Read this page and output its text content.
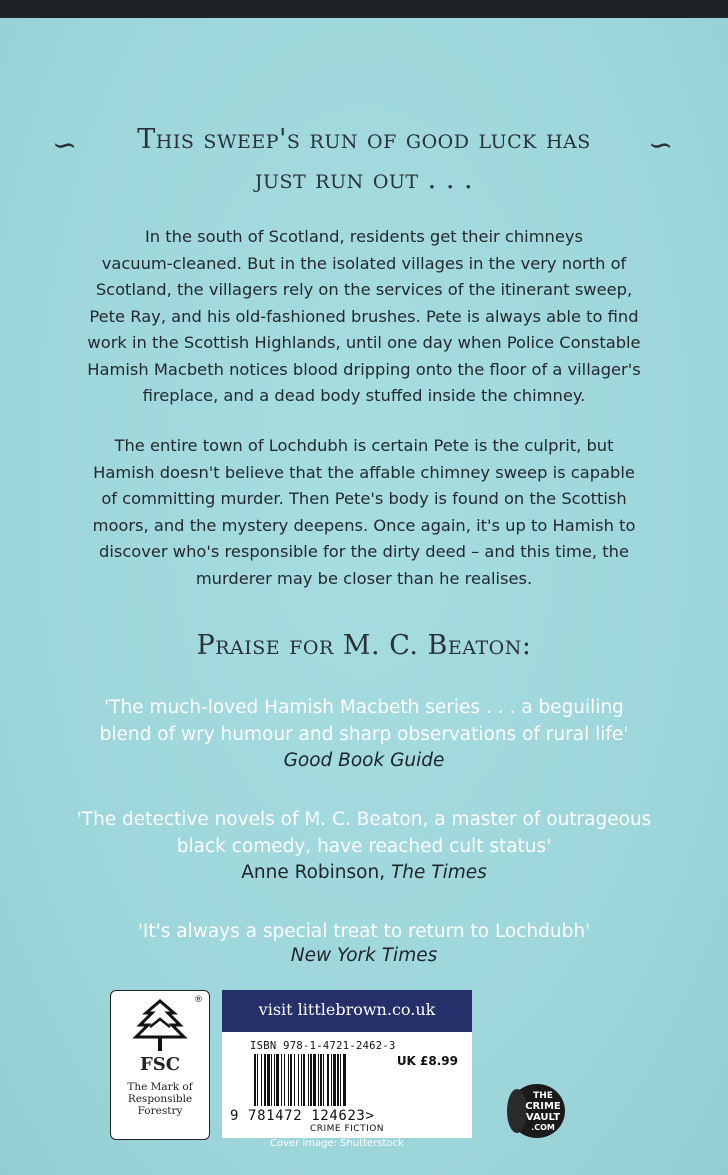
∽	∽
This sweep's run of good luck has
just run out . . .
In the south of Scotland, residents get their chimneys
vacuum-cleaned. But in the isolated villages in the very north of
Scotland, the villagers rely on the services of the itinerant sweep,
Pete Ray, and his old-fashioned brushes. Pete is always able to find
work in the Scottish Highlands, until one day when Police Constable
Hamish Macbeth notices blood dripping onto the floor of a villager's
fireplace, and a dead body stuffed inside the chimney.
The entire town of Lochdubh is certain Pete is the culprit, but
Hamish doesn't believe that the affable chimney sweep is capable
of committing murder. Then Pete's body is found on the Scottish
moors, and the mystery deepens. Once again, it's up to Hamish to
discover who's responsible for the dirty deed – and this time, the
murderer may be closer than he realises.
Praise for M. C. Beaton:
'The much-loved Hamish Macbeth series . . . a beguiling
blend of wry humour and sharp observations of rural life'
Good Book Guide
'The detective novels of M. C. Beaton, a master of outrageous
black comedy, have reached cult status'
Anne Robinson, The Times
'It's always a special treat to return to Lochdubh'
New York Times
®
FSC
The Mark of
Responsible
Forestry
visit littlebrown.co.uk
ISBN 978-1-4721-2462-3
UK £8.99
9 781472 124623>
CRIME FICTION
Cover image: Shutterstock
THE
CRIME
VAULT
.COM
